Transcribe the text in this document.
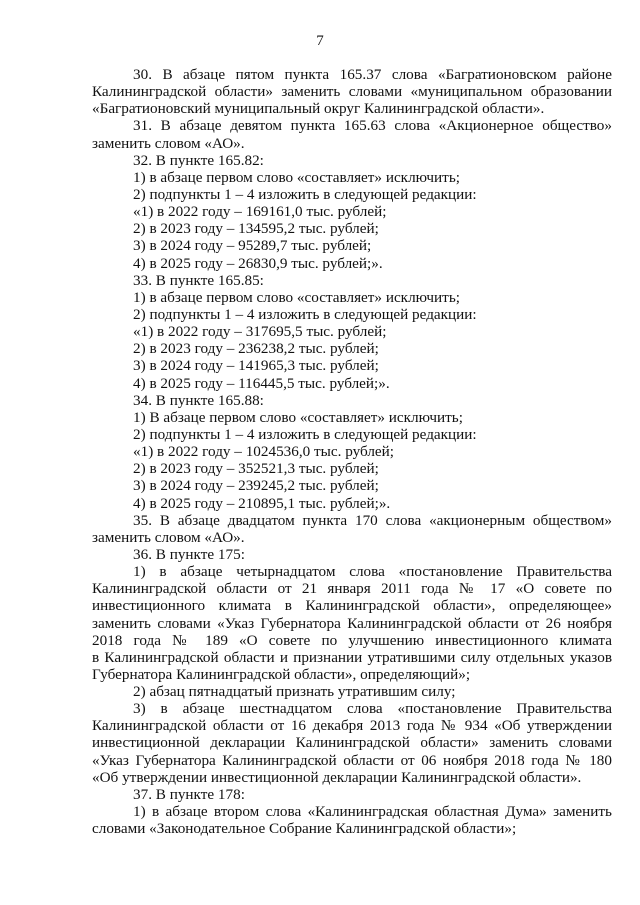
7
30. В абзаце пятом пункта 165.37 слова «Багратионовском районе
Калининградской области» заменить словами «муниципальном образовании
«Багратионовский муниципальный округ Калининградской области».
31. В абзаце девятом пункта 165.63 слова «Акционерное общество»
заменить словом «АО».
32. В пункте 165.82:
1) в абзаце первом слово «составляет» исключить;
2) подпункты 1 – 4 изложить в следующей редакции:
«1) в 2022 году – 169161,0 тыс. рублей;
2) в 2023 году – 134595,2 тыс. рублей;
3) в 2024 году – 95289,7 тыс. рублей;
4) в 2025 году – 26830,9 тыс. рублей;».
33. В пункте 165.85:
1) в абзаце первом слово «составляет» исключить;
2) подпункты 1 – 4 изложить в следующей редакции:
«1) в 2022 году – 317695,5 тыс. рублей;
2) в 2023 году – 236238,2 тыс. рублей;
3) в 2024 году – 141965,3 тыс. рублей;
4) в 2025 году – 116445,5 тыс. рублей;».
34. В пункте 165.88:
1) В абзаце первом слово «составляет» исключить;
2) подпункты 1 – 4 изложить в следующей редакции:
«1) в 2022 году – 1024536,0 тыс. рублей;
2) в 2023 году – 352521,3 тыс. рублей;
3) в 2024 году – 239245,2 тыс. рублей;
4) в 2025 году – 210895,1 тыс. рублей;».
35. В абзаце двадцатом пункта 170 слова «акционерным обществом»
заменить словом «АО».
36. В пункте 175:
1) в абзаце четырнадцатом слова «постановление Правительства
Калининградской области от 21 января 2011 года № 17 «О совете по
инвестиционного климата в Калининградской области», определяющее»
заменить словами «Указ Губернатора Калининградской области от 26 ноября
2018 года № 189 «О совете по улучшению инвестиционного климата
в Калининградской области и признании утратившими силу отдельных указов
Губернатора Калининградской области», определяющий»;
2) абзац пятнадцатый признать утратившим силу;
3) в абзаце шестнадцатом слова «постановление Правительства
Калининградской области от 16 декабря 2013 года № 934 «Об утверждении
инвестиционной декларации Калининградской области» заменить словами
«Указ Губернатора Калининградской области от 06 ноября 2018 года № 180
«Об утверждении инвестиционной декларации Калининградской области».
37. В пункте 178:
1) в абзаце втором слова «Калининградская областная Дума» заменить
словами «Законодательное Собрание Калининградской области»;
